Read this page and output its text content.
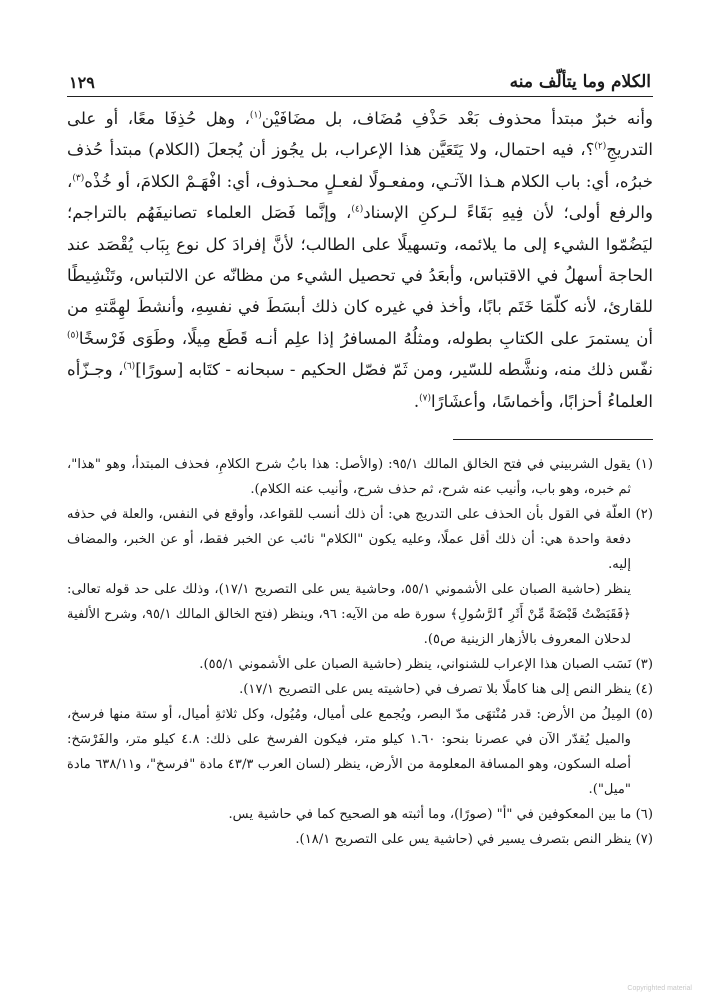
الكلام وما يتألّف منه
١٢٩

وأنه خبرٌ مبتدأ محذوف بَعْد حَذْفِ مُضَاف، بل مضَافَيْن$^{(١)}$، وهل حُذِفَا معًا، أو على التدريجِ$^{(٢)}$؟، فيه احتمال، ولا يَتَعَيَّن هذا الإعراب، بل يجُوز أن يُجعلَ (الكلام) مبتدأ حُذف خبرُه، أي: باب الكلام هـذا الآتـي، ومفعـولًا لفعـلٍ محـذوف، أي: افْهَـمْ الكلامَ، أو خُذْه$^{(٣)}$، والرفع أولى؛ لأن فِيهِ بَقَاءً لـركنِ الإسناد$^{(٤)}$، وإنَّما فَصَل العلماء تصانيفَهُم بالتراجم؛ ليَضُمّوا الشيء إلى ما يلائمه، وتسهيلًا على الطالب؛ لأنَّ إفرادَ كل نوع بِبَاب يُقْصَد عند الحاجة أسهلُ في الاقتباس، وأبعَدُ في تحصيل الشيء من مظانّه عن الالتباس، وتَنْشِيطًا للقارئ، لأنه كلّمَا خَتَم بابًا، وأخذ في غيره كان ذلك أبسَطَ في نفسِهِ، وأنشطَ لهِمَّتهِ من أن يستمرَ على الكتابِ بطوله، ومثلُهُ المسافرُ إذا علِم أنـه قَطَع مِيلًا، وطَوَى فَرْسخًا$^{(٥)}$ نفّس ذلك منه، ونشَّطه للسّير، ومن ثَمّ فصّل الحكيم - سبحانه - كتَابه [سورًا]$^{(٦)}$، وجـزّأه العلماءُ أحزابًا، وأخماسًا، وأعشَارًا$^{(٧)}$.

(١) يقول الشربيني في فتح الخالق المالك ٩٥/١: (والأصل: هذا بابُ شرح الكلامِ، فحذف المبتدأ، وهو "هذا"، ثم خبره، وهو باب، وأنيب عنه شرح، ثم حذف شرح، وأنيب عنه الكلام).

(٢) العلّة في القول بأن الحذف على التدريج هي: أن ذلك أنسب للقواعد، وأوقع في النفس، والعلة في حذفه دفعة واحدة هي: أن ذلك أقل عملًا، وعليه يكون "الكلام" نائب عن الخبر فقط، أو عن الخبر، والمضاف إليه.
ينظر (حاشية الصبان على الأشموني ٥٥/١، وحاشية يس على التصريح ١٧/١)، وذلك على حد قوله تعالى: ﴿فَقَبَضْتُ قَبْضَةً مِّنْ أَثَرِ ٱلرَّسُولِ﴾ سورة طه من الآيه: ٩٦، وينظر (فتح الخالق المالك ٩٥/١، وشرح الألفية لدحلان المعروف بالأزهار الزينية ص٥).

(٣) نَسَب الصبان هذا الإعراب للشنواني، ينظر (حاشية الصبان على الأشموني ٥٥/١).

(٤) ينظر النص إلى هنا كاملًا بلا تصرف في (حاشيته يس على التصريح ١٧/١).

(٥) المِيلُ من الأرض: قدر مُنْتهَى مدّ البصر، ويُجمع على أميال، ومُيُول، وكل ثلاثةِ أميال، أو ستة منها فرسخ، والميل يُقدّر الآن في عصرنا بنحو: ١.٦٠ كيلو متر، فيكون الفرسخ على ذلك: ٤.٨ كيلو متر، والفَرْسَخ: أصله السكون، وهو المسافة المعلومة من الأرض، ينظر (لسان العرب ٤٣/٣ مادة "فرسخ"، و٦٣٨/١١ مادة "ميل").

(٦) ما بين المعكوفين في "أ" (صورًا)، وما أثبته هو الصحيح كما في حاشية يس.

(٧) ينظر النص بتصرف يسير في (حاشية يس على التصريح ١٨/١).

Copyrighted material
